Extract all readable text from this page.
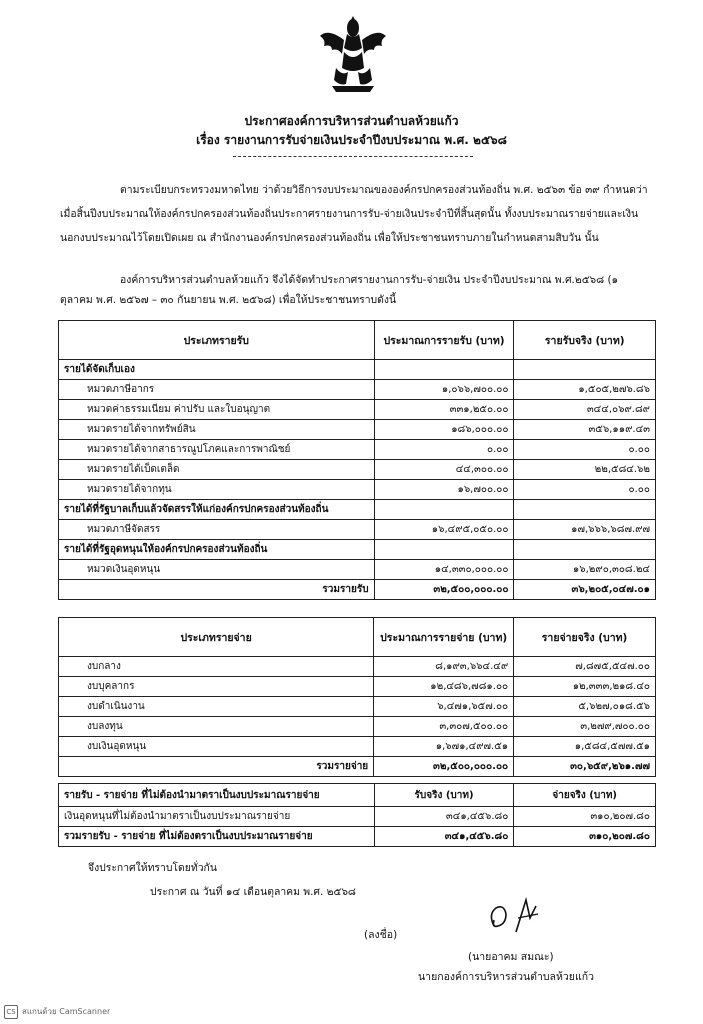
ประกาศองค์การบริหารส่วนตำบลห้วยแก้ว
เรื่อง รายงานการรับจ่ายเงินประจำปีงบประมาณ พ.ศ. ๒๕๖๘
ตามระเบียบกระทรวงมหาดไทย ว่าด้วยวิธีการงบประมาณขององค์กรปกครองส่วนท้องถิ่น พ.ศ. ๒๕๖๓ ข้อ ๓๙ กำหนดว่า
เมื่อสิ้นปีงบประมาณให้องค์กรปกครองส่วนท้องถิ่นประกาศรายงานการรับ-จ่ายเงินประจำปีที่สิ้นสุดนั้น ทั้งงบประมาณรายจ่ายและเงิน
นอกงบประมาณไว้โดยเปิดเผย ณ สำนักงานองค์กรปกครองส่วนท้องถิ่น เพื่อให้ประชาชนทราบภายในกำหนดสามสิบวัน นั้น
องค์การบริหารส่วนตำบลห้วยแก้ว จึงได้จัดทำประกาศรายงานการรับ-จ่ายเงิน ประจำปีงบประมาณ พ.ศ.๒๕๖๘ (๑
ตุลาคม พ.ศ. ๒๕๖๗ – ๓๐ กันยายน พ.ศ. ๒๕๖๘) เพื่อให้ประชาชนทราบดังนี้
ประเภทรายรับ	ประมาณการรายรับ (บาท)	รายรับจริง (บาท)
รายได้จัดเก็บเอง		
หมวดภาษีอากร	๑,๐๖๖,๗๐๐.๐๐	๑,๕๐๕,๒๗๖.๘๖
หมวดค่าธรรมเนียม ค่าปรับ และใบอนุญาต	๓๓๑,๒๕๐.๐๐	๓๔๔,๐๖๙.๘๙
หมวดรายได้จากทรัพย์สิน	๑๘๖,๐๐๐.๐๐	๓๕๖,๑๑๙.๔๓
หมวดรายได้จากสาธารณูปโภคและการพาณิชย์	๐.๐๐	๐.๐๐
หมวดรายได้เบ็ดเตล็ด	๔๔,๓๐๐.๐๐	๒๒,๕๘๔.๖๒
หมวดรายได้จากทุน	๑๖,๗๐๐.๐๐	๐.๐๐
รายได้ที่รัฐบาลเก็บแล้วจัดสรรให้แก่องค์กรปกครองส่วนท้องถิ่น		
หมวดภาษีจัดสรร	๑๖,๔๙๕,๐๕๐.๐๐	๑๗,๖๖๖,๖๘๗.๙๗
รายได้ที่รัฐอุดหนุนให้องค์กรปกครองส่วนท้องถิ่น		
หมวดเงินอุดหนุน	๑๔,๓๓๐,๐๐๐.๐๐	๑๖,๒๙๐,๓๐๘.๒๔
รวมรายรับ	๓๒,๕๐๐,๐๐๐.๐๐	๓๖,๒๐๕,๐๔๗.๐๑
ประเภทรายจ่าย	ประมาณการรายจ่าย (บาท)	รายจ่ายจริง (บาท)
งบกลาง	๘,๑๙๓,๖๖๔.๔๙	๗,๘๗๕,๕๔๗.๐๐
งบบุคลากร	๑๒,๔๘๖,๗๘๑.๐๐	๑๒,๓๓๓,๒๑๘.๔๐
งบดำเนินงาน	๖,๔๗๑,๖๕๗.๐๐	๕,๖๒๗,๐๑๘.๕๖
งบลงทุน	๓,๓๐๗,๕๐๐.๐๐	๓,๒๗๙,๗๐๐.๐๐
งบเงินอุดหนุน	๑,๖๗๑,๔๙๗.๕๑	๑,๕๘๔,๕๗๗.๕๑
รวมรายจ่าย	๓๒,๕๐๐,๐๐๐.๐๐	๓๐,๖๕๙,๒๖๑.๗๗
รายรับ - รายจ่าย ที่ไม่ต้องนำมาตราเป็นงบประมาณรายจ่าย	รับจริง (บาท)	จ่ายจริง (บาท)
เงินอุดหนุนที่ไม่ต้องนำมาตราเป็นงบประมาณรายจ่าย	๓๔๑,๔๕๖.๘๐	๓๑๐,๒๐๗.๘๐
รวมรายรับ - รายจ่าย ที่ไม่ต้องตราเป็นงบประมาณรายจ่าย	๓๔๑,๔๕๖.๘๐	๓๑๐,๒๐๗.๘๐
จึงประกาศให้ทราบโดยทั่วกัน
ประกาศ ณ วันที่ ๑๔ เดือนตุลาคม พ.ศ. ๒๕๖๘
(ลงชื่อ)
(นายอาคม สมณะ)
นายกองค์การบริหารส่วนตำบลห้วยแก้ว
CS สแกนด้วย CamScanner
